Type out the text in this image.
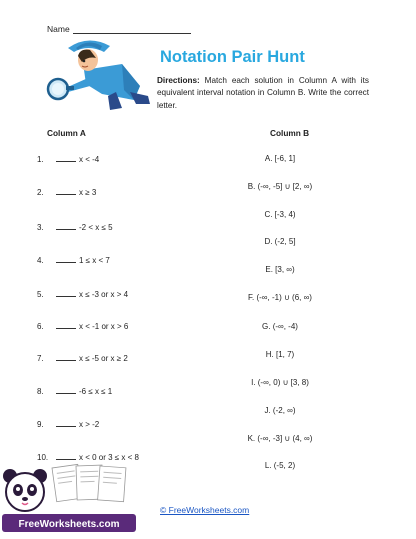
Name
Notation Pair Hunt
Directions: Match each solution in Column A with its equivalent interval notation in Column B. Write the correct letter.
Column A	Column B
1.	x < -4
2.	x ≥ 3
3.	-2 < x ≤ 5
4.	1 ≤ x < 7
5.	x ≤ -3 or x > 4
6.	x < -1 or x > 6
7.	x ≤ -5 or x ≥ 2
8.	-6 ≤ x ≤ 1
9.	x > -2
10.	x < 0 or 3 ≤ x < 8
A. [-6, 1]
B. (-∞, -5] ∪ [2, ∞)
C. [-3, 4)
D. (-2, 5]
E. [3, ∞)
F. (-∞, -1) ∪ (6, ∞)
G. (-∞, -4)
H. [1, 7)
I. (-∞, 0) ∪ [3, 8)
J. (-2, ∞)
K. (-∞, -3] ∪ (4, ∞)
L. (-5, 2)
© FreeWorksheets.com
FreeWorksheets.com
